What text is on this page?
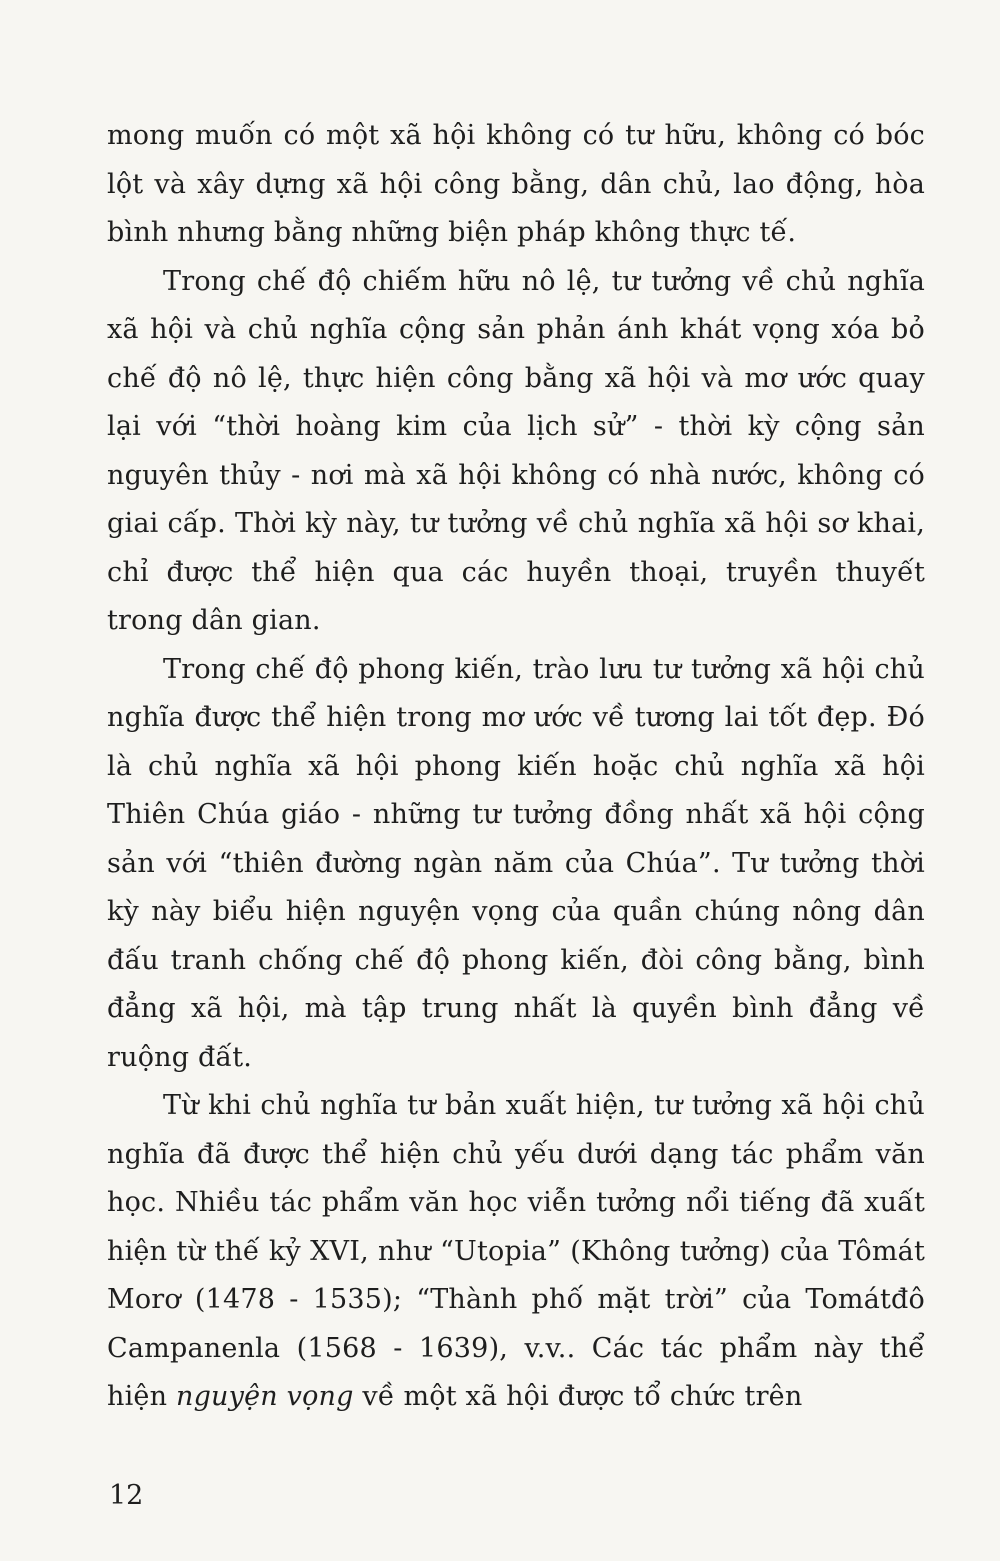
mong muốn có một xã hội không có tư hữu, không có bóc lột và xây dựng xã hội công bằng, dân chủ, lao động, hòa bình nhưng bằng những biện pháp không thực tế.

Trong chế độ chiếm hữu nô lệ, tư tưởng về chủ nghĩa xã hội và chủ nghĩa cộng sản phản ánh khát vọng xóa bỏ chế độ nô lệ, thực hiện công bằng xã hội và mơ ước quay lại với “thời hoàng kim của lịch sử” - thời kỳ cộng sản nguyên thủy - nơi mà xã hội không có nhà nước, không có giai cấp. Thời kỳ này, tư tưởng về chủ nghĩa xã hội sơ khai, chỉ được thể hiện qua các huyền thoại, truyền thuyết trong dân gian.

Trong chế độ phong kiến, trào lưu tư tưởng xã hội chủ nghĩa được thể hiện trong mơ ước về tương lai tốt đẹp. Đó là chủ nghĩa xã hội phong kiến hoặc chủ nghĩa xã hội Thiên Chúa giáo - những tư tưởng đồng nhất xã hội cộng sản với “thiên đường ngàn năm của Chúa”. Tư tưởng thời kỳ này biểu hiện nguyện vọng của quần chúng nông dân đấu tranh chống chế độ phong kiến, đòi công bằng, bình đẳng xã hội, mà tập trung nhất là quyền bình đẳng về ruộng đất.

Từ khi chủ nghĩa tư bản xuất hiện, tư tưởng xã hội chủ nghĩa đã được thể hiện chủ yếu dưới dạng tác phẩm văn học. Nhiều tác phẩm văn học viễn tưởng nổi tiếng đã xuất hiện từ thế kỷ XVI, như “Utopia” (Không tưởng) của Tômát Morơ (1478 - 1535); “Thành phố mặt trời” của Tomátđô Campanenla (1568 - 1639), v.v.. Các tác phẩm này thể hiện nguyện vọng về một xã hội được tổ chức trên

12
